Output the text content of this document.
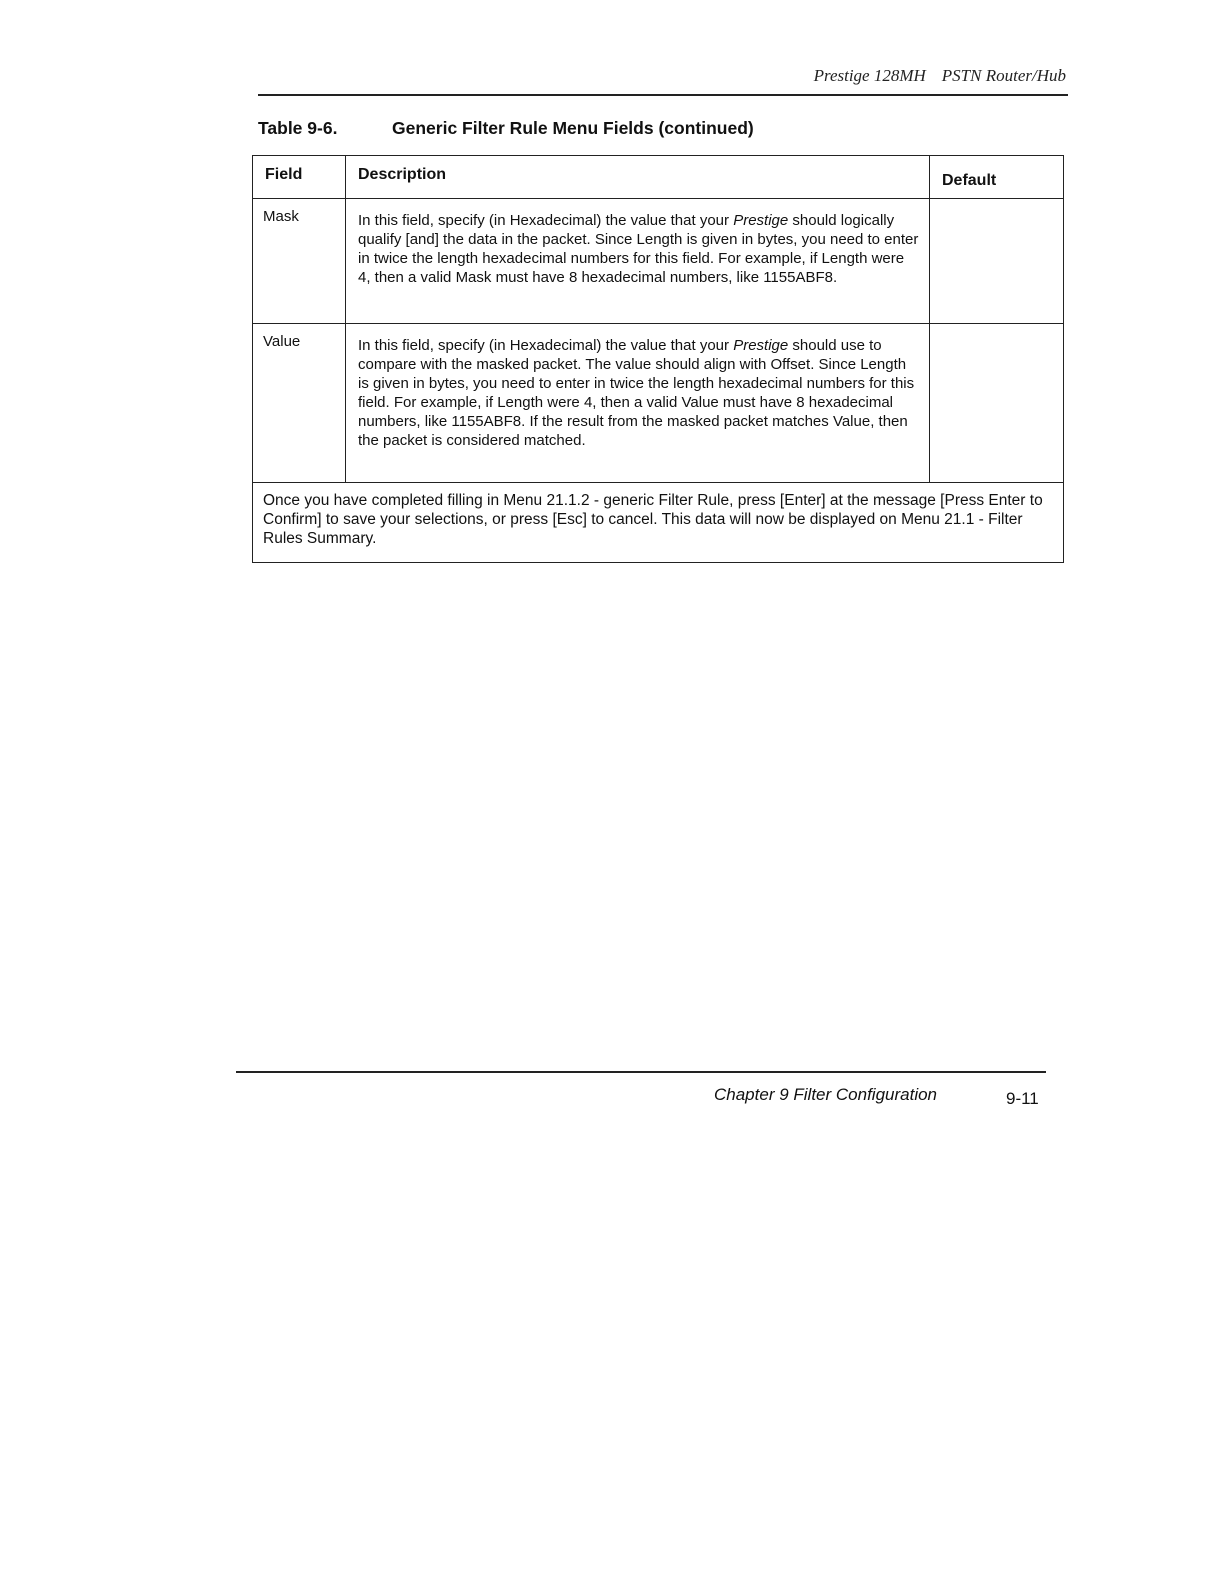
Prestige 128MH PSTN Router/Hub
Table 9-6.	Generic Filter Rule Menu Fields (continued)
Field	Description	Default
Mask	In this field, specify (in Hexadecimal) the value that your Prestige should logically qualify [and] the data in the packet. Since Length is given in bytes, you need to enter in twice the length hexadecimal numbers for this field. For example, if Length were 4, then a valid Mask must have 8 hexadecimal numbers, like 1155ABF8.	
Value	In this field, specify (in Hexadecimal) the value that your Prestige should use to compare with the masked packet. The value should align with Offset. Since Length is given in bytes, you need to enter in twice the length hexadecimal numbers for this field. For example, if Length were 4, then a valid Value must have 8 hexadecimal numbers, like 1155ABF8. If the result from the masked packet matches Value, then the packet is considered matched.	
Once you have completed filling in Menu 21.1.2 - generic Filter Rule, press [Enter] at the message [Press Enter to Confirm] to save your selections, or press [Esc] to cancel. This data will now be displayed on Menu 21.1 - Filter Rules Summary.		
Chapter 9 Filter Configuration	9-11
